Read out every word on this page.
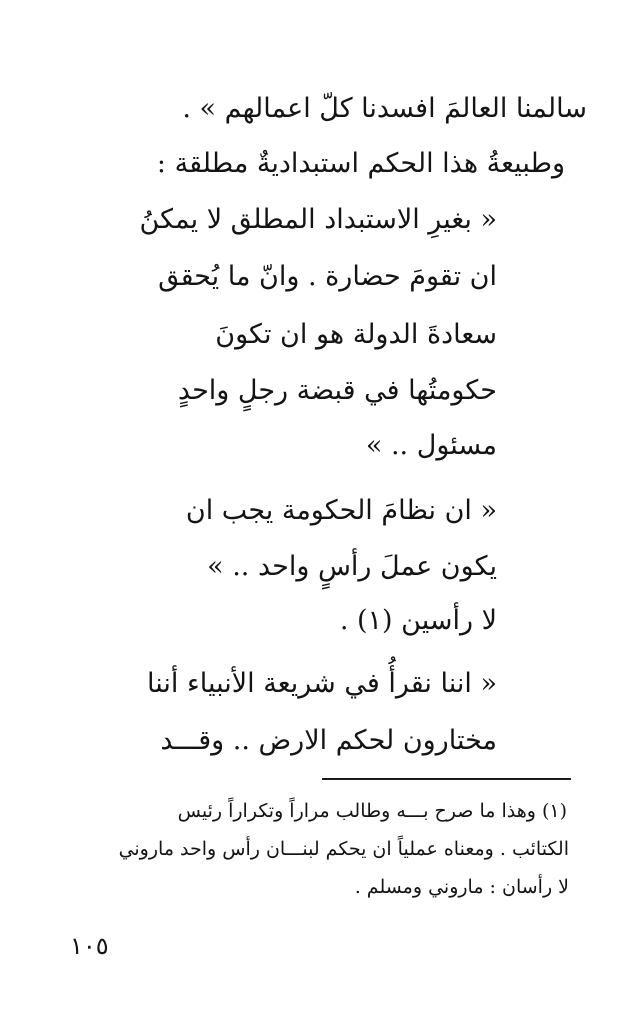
سالمنا العالمَ افسدنا كلّ اعمالهم » .
وطبيعةُ هذا الحكم استبداديةٌ مطلقة :
« بغيرِ الاستبداد المطلق لا يمكنُ
ان تقومَ حضارة . وانّ ما يُحقق
سعادةَ الدولة هو ان تكونَ
حكومتُها في قبضة رجلٍ واحدٍ
مسئول .. »
« ان نظامَ الحكومة يجب ان
يكون عملَ رأسٍ واحد .. »
لا رأسين (١) .
« اننا نقرأُ في شريعة الأنبياء أننا
مختارون لحكم الارض .. وقـــد
(١) وهذا ما صرح بـــه وطالب مراراً وتكراراً رئيس
الكتائب . ومعناه عملياً ان يحكم لبنـــان رأس واحد ماروني
لا رأسان : ماروني ومسلم .
١٠٥
